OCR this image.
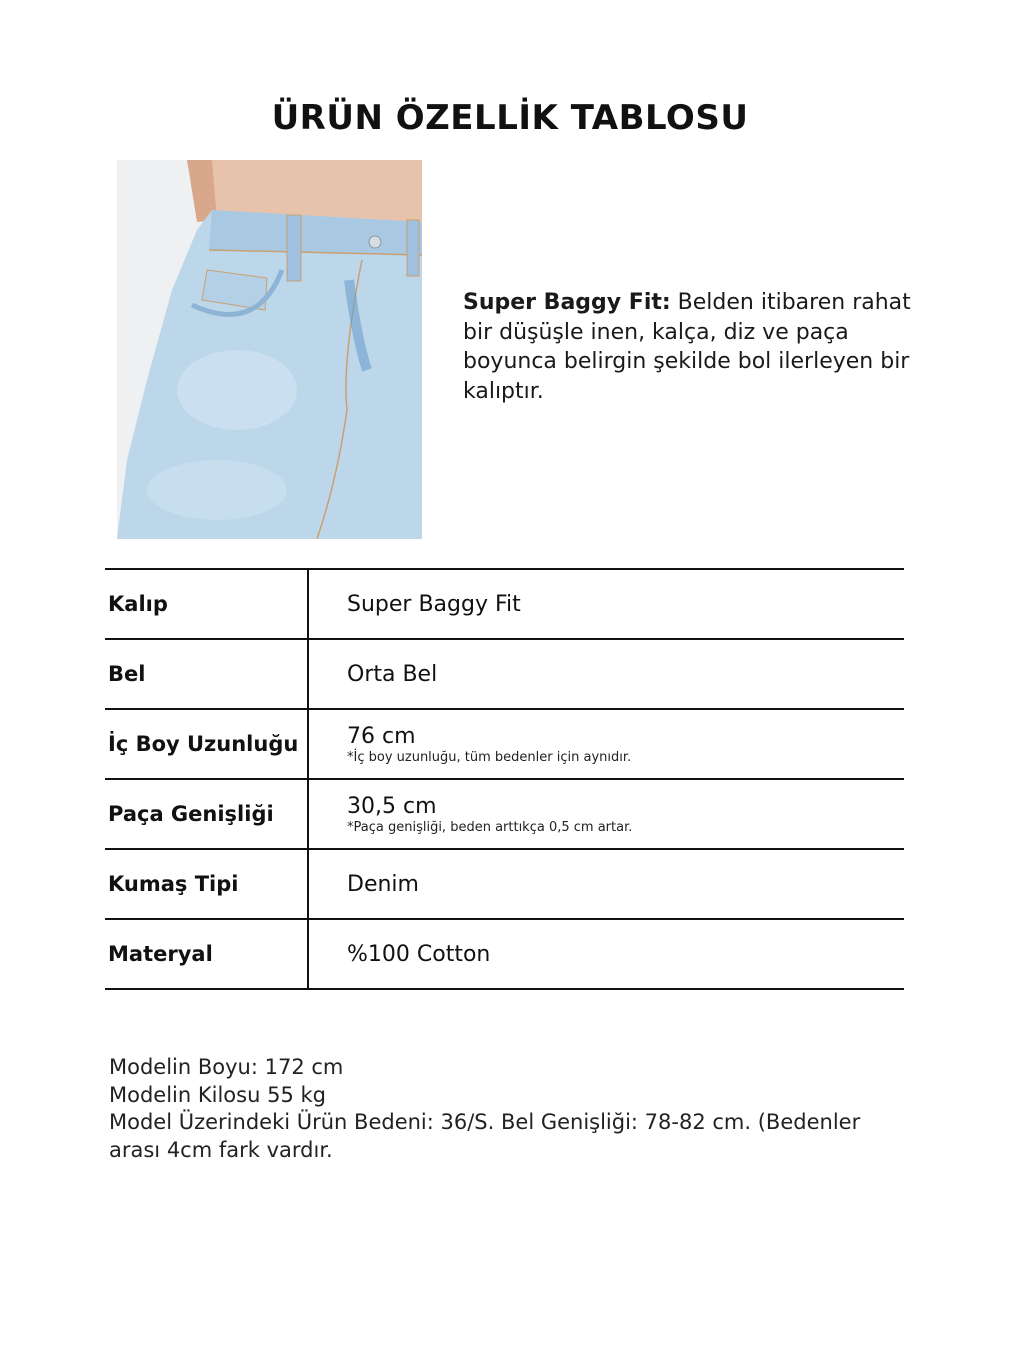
ÜRÜN ÖZELLİK TABLOSU
Super Baggy Fit: Belden itibaren rahat bir düşüşle inen, kalça, diz ve paça boyunca belirgin şekilde bol ilerleyen bir kalıptır.
Kalıp	Super Baggy Fit
Bel	Orta Bel
İç Boy Uzunluğu	76 cm
*İç boy uzunluğu, tüm bedenler için aynıdır.
Paça Genişliği	30,5 cm
*Paça genişliği, beden arttıkça 0,5 cm artar.
Kumaş Tipi	Denim
Materyal	%100 Cotton
Modelin Boyu: 172 cm
Modelin Kilosu 55 kg
Model Üzerindeki Ürün Bedeni: 36/S. Bel Genişliği: 78-82 cm. (Bedenler arası 4cm fark vardır.
